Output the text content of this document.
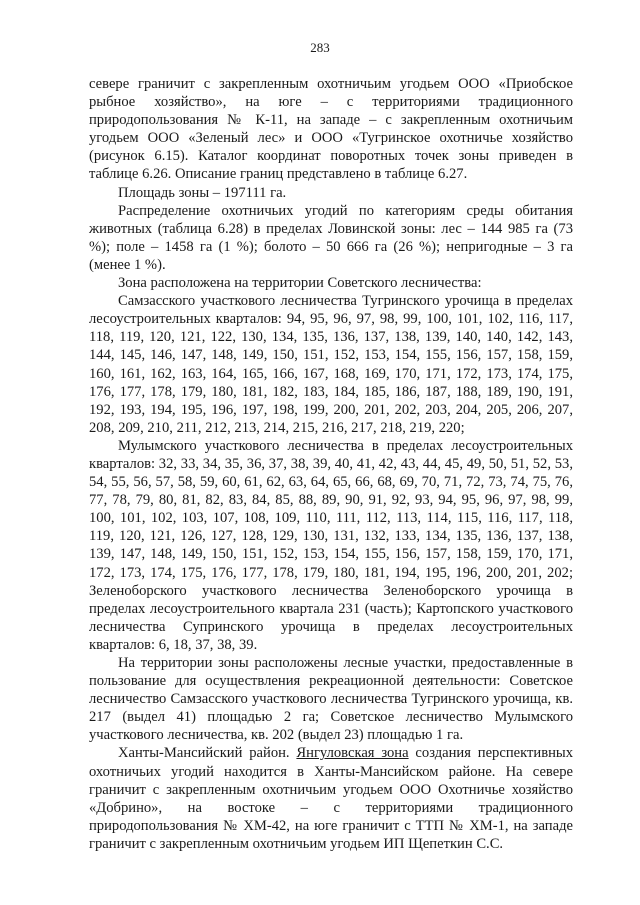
283

севере граничит с закрепленным охотничьим угодьем ООО «Приобское рыбное хозяйство», на юге – с территориями традиционного природопользования № К-11, на западе – с закрепленным охотничьим угодьем ООО «Зеленый лес» и ООО «Тугринское охотничье хозяйство (рисунок 6.15). Каталог координат поворотных точек зоны приведен в таблице 6.26. Описание границ представлено в таблице 6.27.

Площадь зоны – 197111 га.

Распределение охотничьих угодий по категориям среды обитания животных (таблица 6.28) в пределах Ловинской зоны: лес – 144 985 га (73 %); поле – 1458 га (1 %); болото – 50 666 га (26 %); непригодные – 3 га (менее 1 %).

Зона расположена на территории Советского лесничества:

Самзасского участкового лесничества Тугринского урочища в пределах лесоустроительных кварталов: 94, 95, 96, 97, 98, 99, 100, 101, 102, 116, 117, 118, 119, 120, 121, 122, 130, 134, 135, 136, 137, 138, 139, 140, 140, 142, 143, 144, 145, 146, 147, 148, 149, 150, 151, 152, 153, 154, 155, 156, 157, 158, 159, 160, 161, 162, 163, 164, 165, 166, 167, 168, 169, 170, 171, 172, 173, 174, 175, 176, 177, 178, 179, 180, 181, 182, 183, 184, 185, 186, 187, 188, 189, 190, 191, 192, 193, 194, 195, 196, 197, 198, 199, 200, 201, 202, 203, 204, 205, 206, 207, 208, 209, 210, 211, 212, 213, 214, 215, 216, 217, 218, 219, 220;

Мулымского участкового лесничества в пределах лесоустроительных кварталов: 32, 33, 34, 35, 36, 37, 38, 39, 40, 41, 42, 43, 44, 45, 49, 50, 51, 52, 53, 54, 55, 56, 57, 58, 59, 60, 61, 62, 63, 64, 65, 66, 68, 69, 70, 71, 72, 73, 74, 75, 76, 77, 78, 79, 80, 81, 82, 83, 84, 85, 88, 89, 90, 91, 92, 93, 94, 95, 96, 97, 98, 99, 100, 101, 102, 103, 107, 108, 109, 110, 111, 112, 113, 114, 115, 116, 117, 118, 119, 120, 121, 126, 127, 128, 129, 130, 131, 132, 133, 134, 135, 136, 137, 138, 139, 147, 148, 149, 150, 151, 152, 153, 154, 155, 156, 157, 158, 159, 170, 171, 172, 173, 174, 175, 176, 177, 178, 179, 180, 181, 194, 195, 196, 200, 201, 202; Зеленоборского участкового лесничества Зеленоборского урочища в пределах лесоустроительного квартала 231 (часть); Картопского участкового лесничества Супринского урочища в пределах лесоустроительных кварталов: 6, 18, 37, 38, 39.

На территории зоны расположены лесные участки, предоставленные в пользование для осуществления рекреационной деятельности: Советское лесничество Самзасского участкового лесничества Тугринского урочища, кв. 217 (выдел 41) площадью 2 га; Советское лесничество Мулымского участкового лесничества, кв. 202 (выдел 23) площадью 1 га.

Ханты-Мансийский район. Янгуловская зона создания перспективных охотничьих угодий находится в Ханты-Мансийском районе. На севере граничит с закрепленным охотничьим угодьем ООО Охотничье хозяйство «Добрино», на востоке – с территориями традиционного природопользования № ХМ-42, на юге граничит с ТТП № ХМ-1, на западе граничит с закрепленным охотничьим угодьем ИП Щепеткин С.С.
